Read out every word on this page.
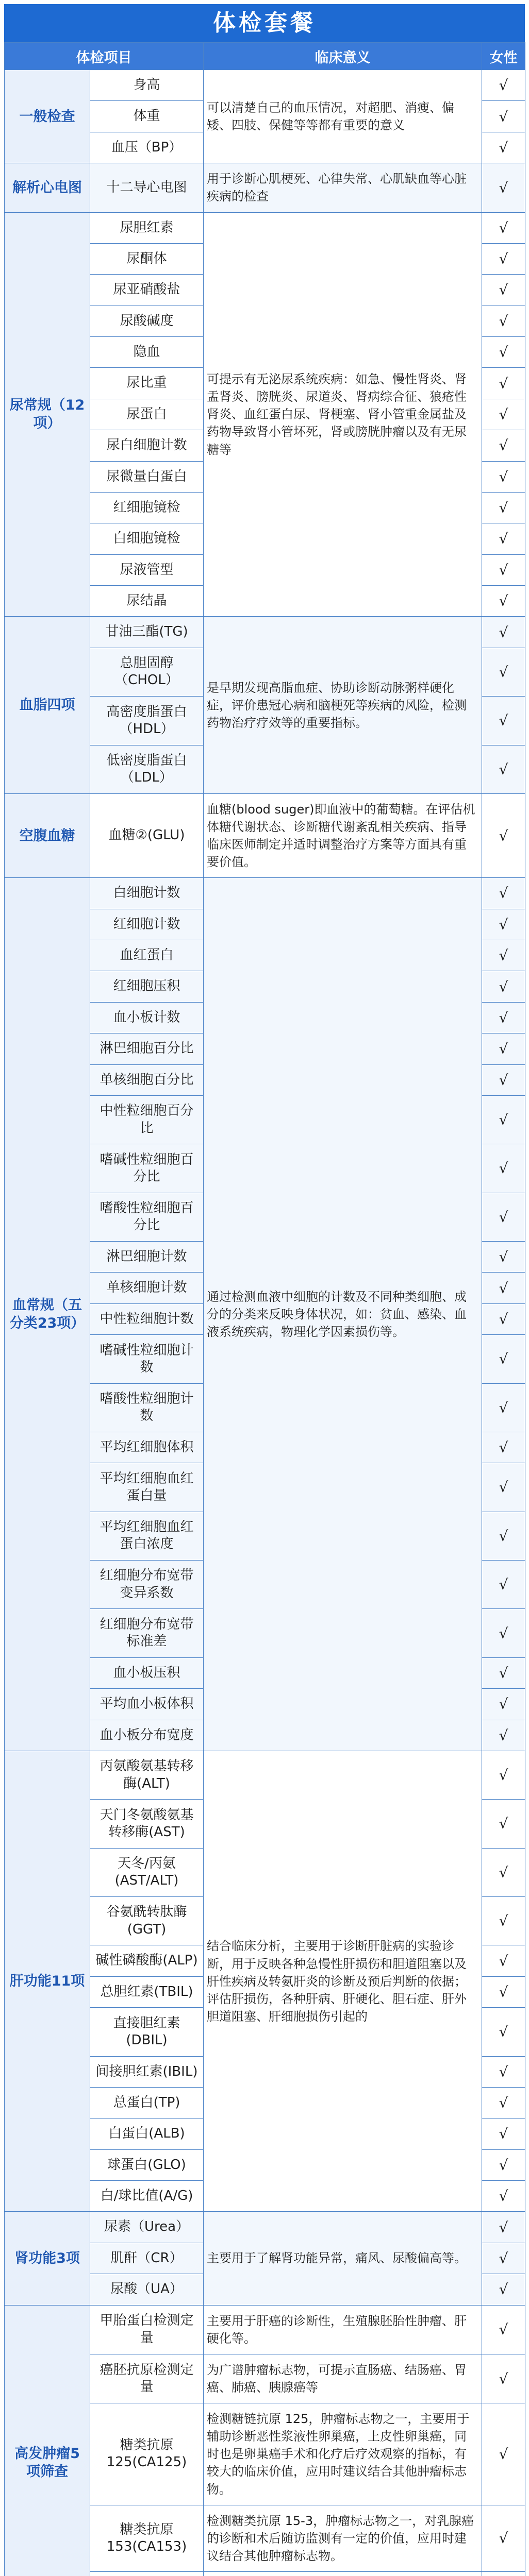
体检套餐
体检项目		临床意义	女性
一般检查	身高	可以清楚自己的血压情况，对超肥、消瘦、偏矮、四肢、保健等等都有重要的意义	√
	体重		√
	血压（BP）		√
解析心电图	十二导心电图	用于诊断心肌梗死、心律失常、心肌缺血等心脏疾病的检查	√
尿常规（12项）	尿胆红素	可提示有无泌尿系统疾病：如急、慢性肾炎、肾盂肾炎、膀胱炎、尿道炎、肾病综合征、狼疮性肾炎、血红蛋白尿、肾梗塞、肾小管重金属盐及药物导致肾小管坏死，肾或膀胱肿瘤以及有无尿糖等	√
	尿酮体		√
	尿亚硝酸盐		√
	尿酸碱度		√
	隐血		√
	尿比重		√
	尿蛋白		√
	尿白细胞计数		√
	尿微量白蛋白		√
	红细胞镜检		√
	白细胞镜检		√
	尿液管型		√
	尿结晶		√
血脂四项	甘油三酯(TG)	是早期发现高脂血症、协助诊断动脉粥样硬化症，评价患冠心病和脑梗死等疾病的风险，检测药物治疗疗效等的重要指标。	√
	总胆固醇（CHOL）		√
	高密度脂蛋白（HDL）		√
	低密度脂蛋白（LDL）		√
空腹血糖	血糖②(GLU)	血糖(blood suger)即血液中的葡萄糖。在评估机体糖代谢状态、诊断糖代谢紊乱相关疾病、指导临床医师制定并适时调整治疗方案等方面具有重要价值。	√
血常规（五分类23项）	白细胞计数	通过检测血液中细胞的计数及不同种类细胞、成分的分类来反映身体状况，如：贫血、感染、血液系统疾病，物理化学因素损伤等。	√
	红细胞计数		√
	血红蛋白		√
	红细胞压积		√
	血小板计数		√
	淋巴细胞百分比		√
	单核细胞百分比		√
	中性粒细胞百分比		√
	嗜碱性粒细胞百分比		√
	嗜酸性粒细胞百分比		√
	淋巴细胞计数		√
	单核细胞计数		√
	中性粒细胞计数		√
	嗜碱性粒细胞计数		√
	嗜酸性粒细胞计数		√
	平均红细胞体积		√
	平均红细胞血红蛋白量		√
	平均红细胞血红蛋白浓度		√
	红细胞分布宽带变异系数		√
	红细胞分布宽带标准差		√
	血小板压积		√
	平均血小板体积		√
	血小板分布宽度		√
肝功能11项	丙氨酸氨基转移酶(ALT)	结合临床分析，主要用于诊断肝脏病的实验诊断，用于反映各种急慢性肝损伤和胆道阻塞以及肝性疾病及转氨肝炎的诊断及预后判断的依据；评估肝损伤，各种肝病、肝硬化、胆石症、肝外胆道阻塞、肝细胞损伤引起的	√
	天门冬氨酸氨基转移酶(AST)		√
	天冬/丙氨(AST/ALT)		√
	谷氨酰转肽酶(GGT)		√
	碱性磷酸酶(ALP)		√
	总胆红素(TBIL)		√
	直接胆红素(DBIL)		√
	间接胆红素(IBIL)		√
	总蛋白(TP)		√
	白蛋白(ALB)		√
	球蛋白(GLO)		√
	白/球比值(A/G)		√
肾功能3项	尿素（Urea）	主要用于了解肾功能异常，痛风、尿酸偏高等。	√
	肌酐（CR）		√
	尿酸（UA）		√
高发肿瘤5项筛查	甲胎蛋白检测定量	主要用于肝癌的诊断性，生殖腺胚胎性肿瘤、肝硬化等。	√
	癌胚抗原检测定量	为广谱肿瘤标志物，可提示直肠癌、结肠癌、胃癌、肺癌、胰腺癌等	√
	糖类抗原125(CA125)	检测糖链抗原 125，肿瘤标志物之一，主要用于辅助诊断恶性浆液性卵巢癌，上皮性卵巢癌，同时也是卵巢癌手术和化疗后疗效观察的指标，有较大的临床价值，应用时建议结合其他肿瘤标志物。	√
	糖类抗原153(CA153)	检测糖类抗原 15-3，肿瘤标志物之一，对乳腺癌的诊断和术后随访监测有一定的价值，应用时建议结合其他肿瘤标志物。	√
